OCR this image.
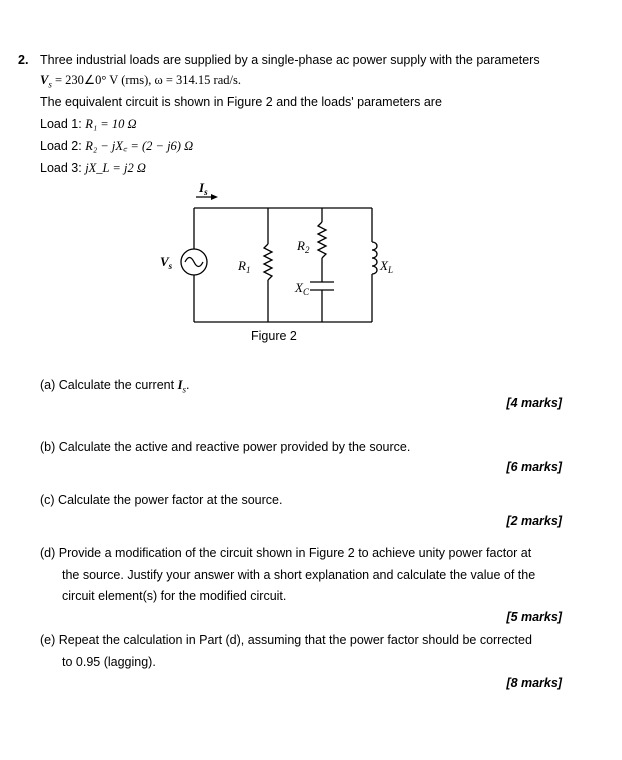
2. Three industrial loads are supplied by a single-phase ac power supply with the parameters
$V_s$ = 230∠0° V (rms), ω = 314.15 rad/s.
The equivalent circuit is shown in Figure 2 and the loads' parameters are
Load 1: R₁ = 10 Ω
Load 2: R₂ − jX꜀ = (2 − j6) Ω
Load 3: jX_L = j2 Ω
$I_s$
$V_s$	$R_1$
$R_2$
$X_C$
$X_L$
Figure 2
(a) Calculate the current $I_s$.
[4 marks]
(b) Calculate the active and reactive power provided by the source.
[6 marks]
(c) Calculate the power factor at the source.
[2 marks]
(d) Provide a modification of the circuit shown in Figure 2 to achieve unity power factor at
the source. Justify your answer with a short explanation and calculate the value of the
circuit element(s) for the modified circuit.
[5 marks]
(e) Repeat the calculation in Part (d), assuming that the power factor should be corrected
to 0.95 (lagging).
[8 marks]
